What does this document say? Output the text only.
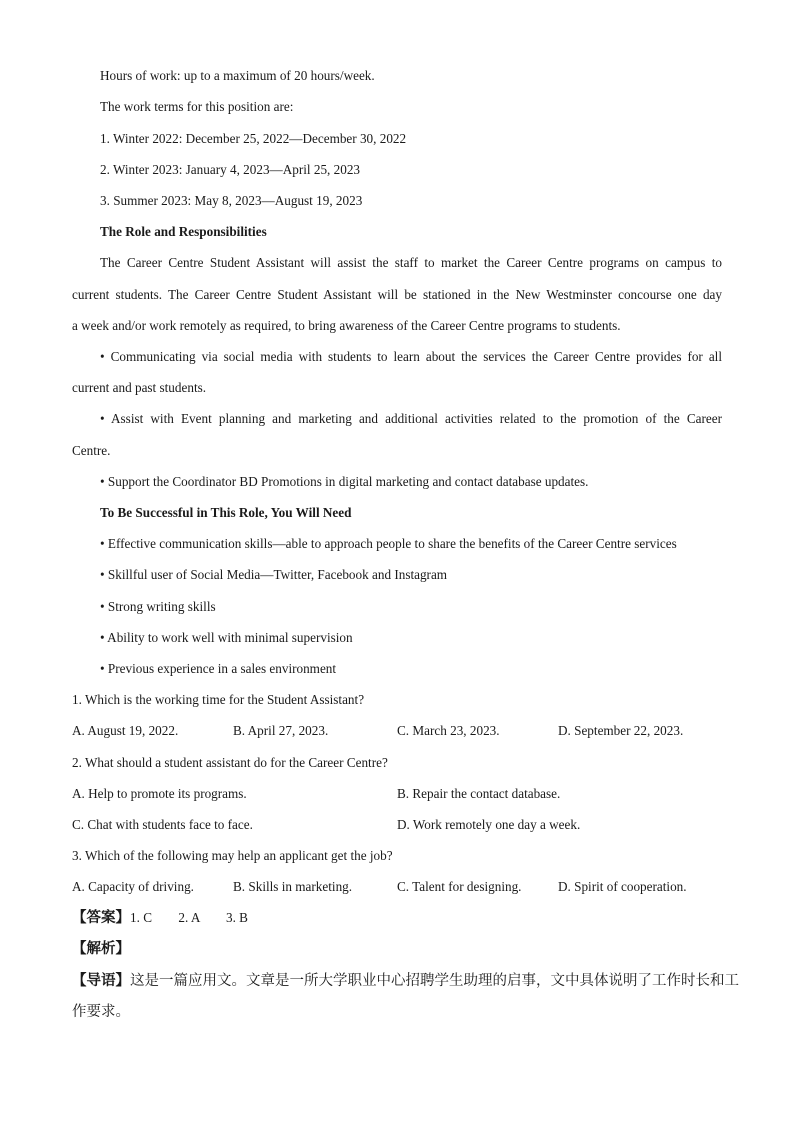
Hours of work: up to a maximum of 20 hours/week.
The work terms for this position are:
1. Winter 2022: December 25, 2022—December 30, 2022
2. Winter 2023: January 4, 2023—April 25, 2023
3. Summer 2023: May 8, 2023—August 19, 2023
The Role and Responsibilities
The Career Centre Student Assistant will assist the staff to market the Career Centre programs on campus to
current students. The Career Centre Student Assistant will be stationed in the New Westminster concourse one day
a week and/or work remotely as required, to bring awareness of the Career Centre programs to students.
• Communicating via social media with students to learn about the services the Career Centre provides for all
current and past students.
• Assist with Event planning and marketing and additional activities related to the promotion of the Career
Centre.
• Support the Coordinator BD Promotions in digital marketing and contact database updates.
To Be Successful in This Role, You Will Need
• Effective communication skills—able to approach people to share the benefits of the Career Centre services
• Skillful user of Social Media—Twitter, Facebook and Instagram
• Strong writing skills
• Ability to work well with minimal supervision
• Previous experience in a sales environment
1. Which is the working time for the Student Assistant?
A. August 19, 2022.	B. April 27, 2023.	C. March 23, 2023.	D. September 22, 2023.
2. What should a student assistant do for the Career Centre?
A. Help to promote its programs.	B. Repair the contact database.
C. Chat with students face to face.	D. Work remotely one day a week.
3. Which of the following may help an applicant get the job?
A. Capacity of driving.	B. Skills in marketing.	C. Talent for designing.	D. Spirit of cooperation.
【答案】1. C        2. A        3. B
【解析】
【导语】这是一篇应用文。文章是一所大学职业中心招聘学生助理的启事，文中具体说明了工作时长和工
作要求。
